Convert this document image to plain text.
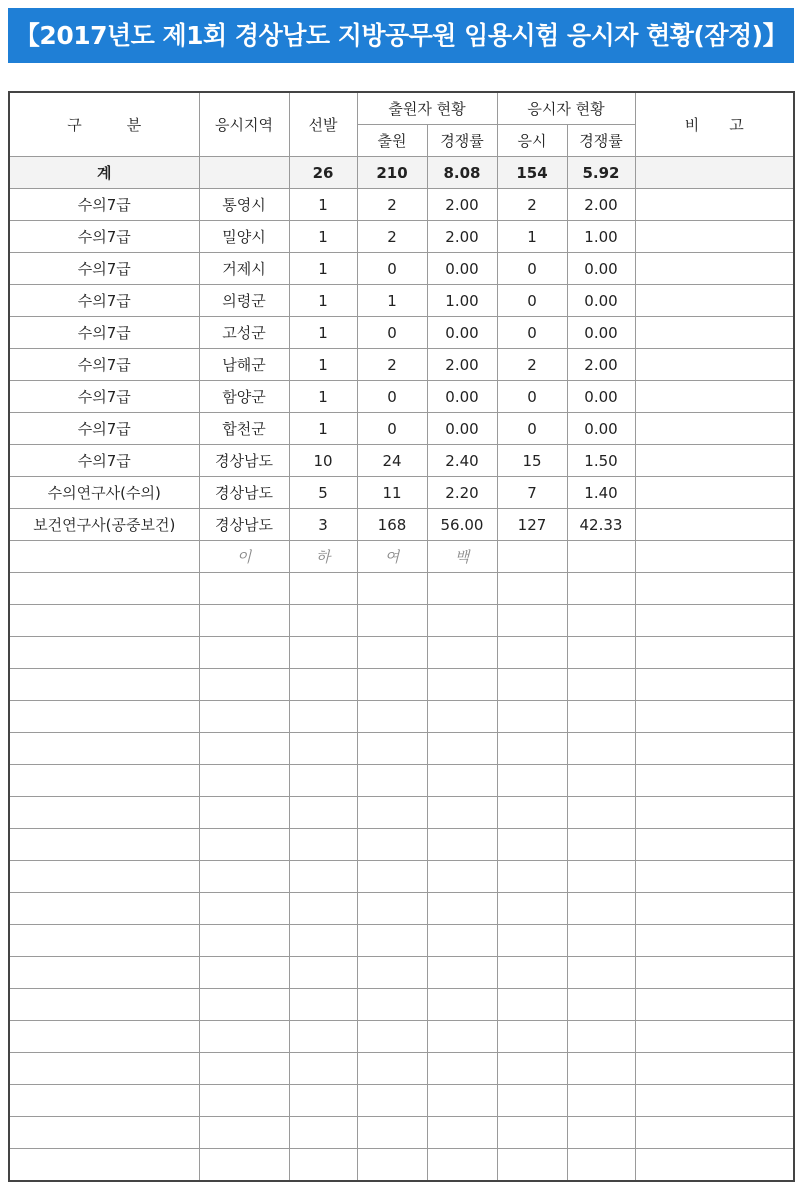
【2017년도 제1회 경상남도 지방공무원 임용시험 응시자 현황(잠정)】
구　　　분	응시지역	선발	출원자 현황		응시자 현황		비　　고
			출원	경쟁률	응시	경쟁률	
계		26	210	8.08	154	5.92	
수의7급	통영시	1	2	2.00	2	2.00	
수의7급	밀양시	1	2	2.00	1	1.00	
수의7급	거제시	1	0	0.00	0	0.00	
수의7급	의령군	1	1	1.00	0	0.00	
수의7급	고성군	1	0	0.00	0	0.00	
수의7급	남해군	1	2	2.00	2	2.00	
수의7급	함양군	1	0	0.00	0	0.00	
수의7급	합천군	1	0	0.00	0	0.00	
수의7급	경상남도	10	24	2.40	15	1.50	
수의연구사(수의)	경상남도	5	11	2.20	7	1.40	
보건연구사(공중보건)	경상남도	3	168	56.00	127	42.33	
	이	하	여	백			
